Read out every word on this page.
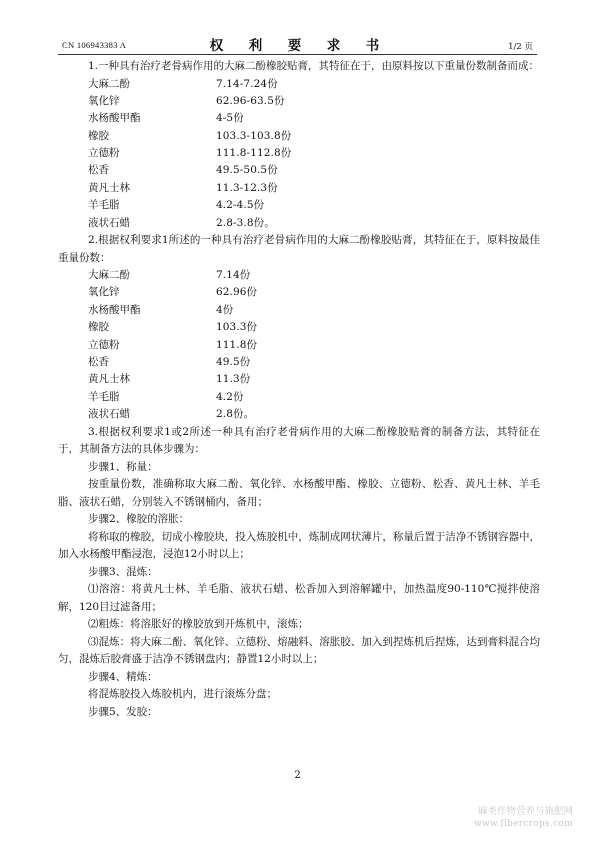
CN 106943383 A	权　利　要　求　书	1/2 页
1.一种具有治疗老骨病作用的大麻二酚橡胶贴膏，其特征在于，由原料按以下重量份数制备而成：
大麻二酚	7.14-7.24份
氧化锌	62.96-63.5份
水杨酸甲酯	4-5份
橡胶	103.3-103.8份
立德粉	111.8-112.8份
松香	49.5-50.5份
黄凡士林	11.3-12.3份
羊毛脂	4.2-4.5份
液状石蜡	2.8-3.8份。
2.根据权利要求1所述的一种具有治疗老骨病作用的大麻二酚橡胶贴膏，其特征在于，原料按最佳重量份数：
大麻二酚	7.14份
氧化锌	62.96份
水杨酸甲酯	4份
橡胶	103.3份
立德粉	111.8份
松香	49.5份
黄凡士林	11.3份
羊毛脂	4.2份
液状石蜡	2.8份。
3.根据权利要求1或2所述一种具有治疗老骨病作用的大麻二酚橡胶贴膏的制备方法，其特征在于，其制备方法的具体步骤为：
步骤1、称量：
按重量份数，准确称取大麻二酚、氧化锌、水杨酸甲酯、橡胶、立德粉、松香、黄凡士林、羊毛脂、液状石蜡，分别装入不锈钢桶内，备用；
步骤2、橡胶的溶胀：
将称取的橡胶，切成小橡胶块，投入炼胶机中，炼制成网状薄片，称量后置于洁净不锈钢容器中，加入水杨酸甲酯浸泡，浸泡12小时以上；
步骤3、混炼：
⑴溶溶：将黄凡士林、羊毛脂、液状石蜡、松香加入到溶解罐中，加热温度90-110℃搅拌使溶解，120目过滤备用；
⑵粗炼：将溶胀好的橡胶放到开炼机中，滚炼；
⑶混炼：将大麻二酚、氧化锌、立德粉、熔融料、溶胀胶、加入到捏炼机后捏炼，达到膏料混合均匀，混炼后胶膏盛于洁净不锈钢盘内；静置12小时以上；
步骤4、精炼：
将混炼胶投入炼胶机内，进行滚炼分盘；
步骤5、发胶：
2
麻类作物营养与施肥网
www.fibercrops.com
